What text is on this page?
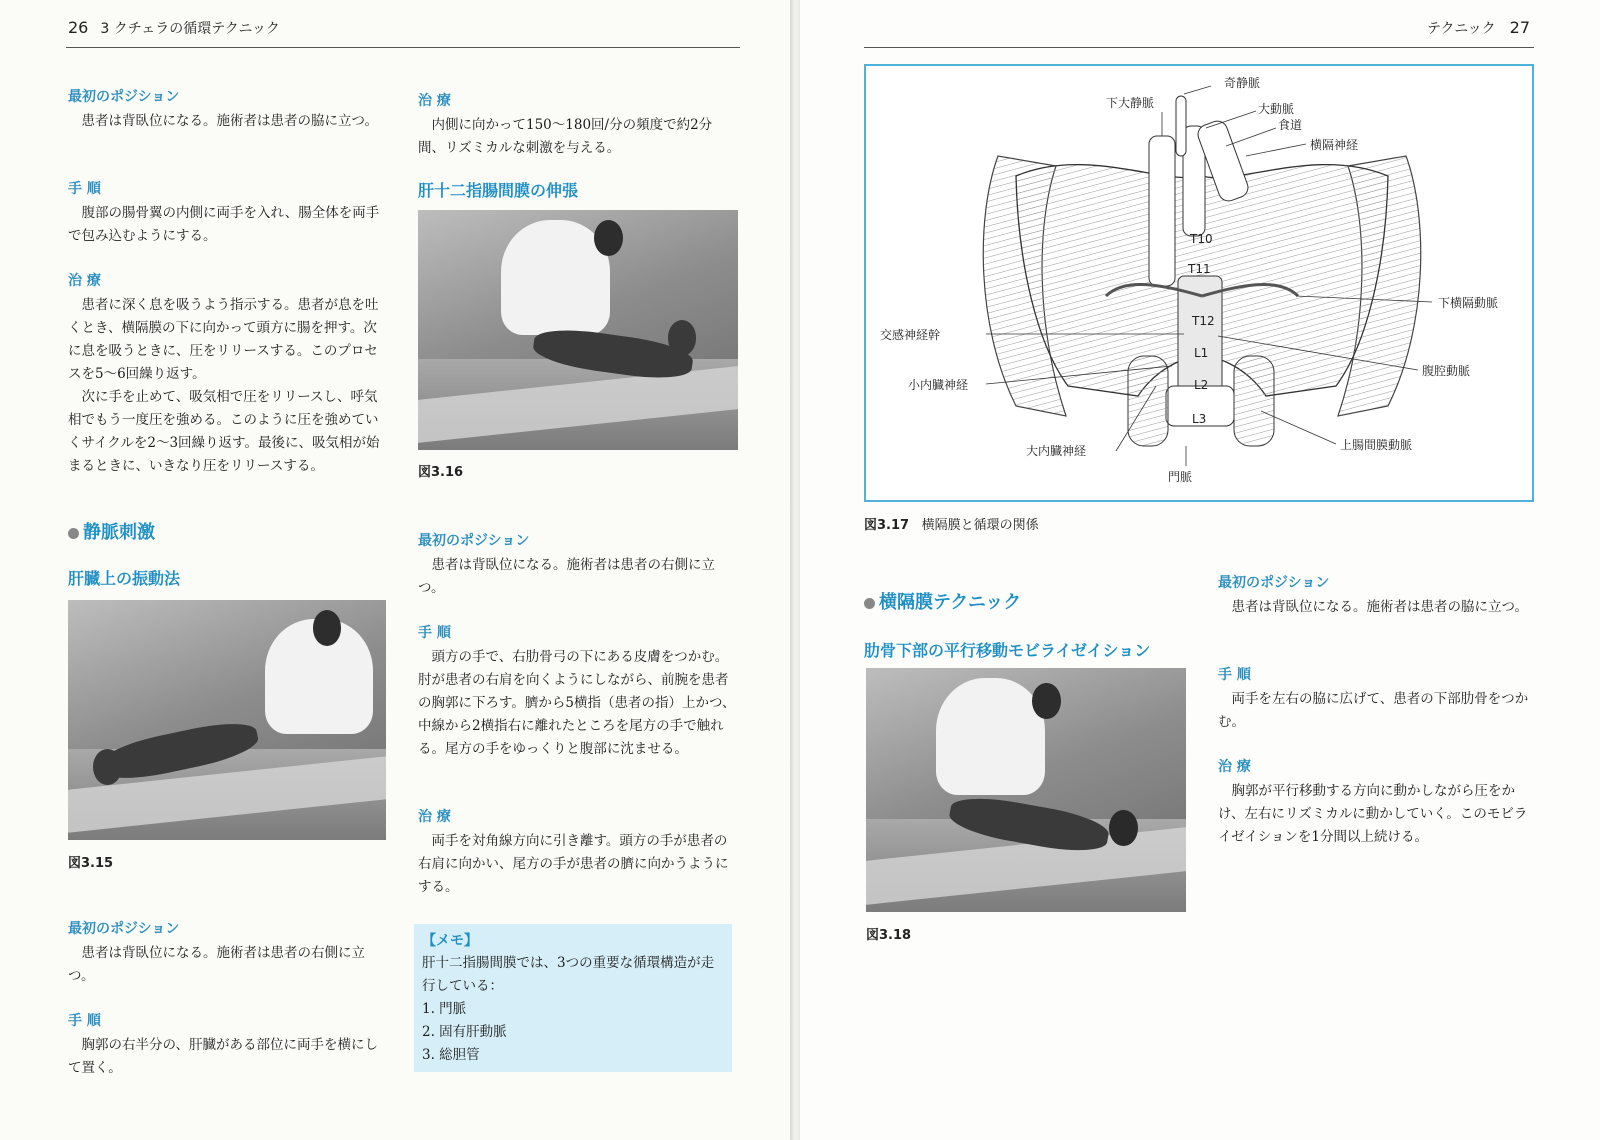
26 3 クチェラの循環テクニック
最初のポジション

患者は背臥位になる。施術者は患者の脇に立つ。

手 順

腹部の腸骨翼の内側に両手を入れ、腸全体を両手で包み込むようにする。

治 療

患者に深く息を吸うよう指示する。患者が息を吐くとき、横隔膜の下に向かって頭方に腸を押す。次に息を吸うときに、圧をリリースする。このプロセスを5～6回繰り返す。

次に手を止めて、吸気相で圧をリリースし、呼気相でもう一度圧を強める。このように圧を強めていくサイクルを2～3回繰り返す。最後に、吸気相が始まるときに、いきなり圧をリリースする。

静脈刺激
肝臓上の振動法
図3.15
最初のポジション

患者は背臥位になる。施術者は患者の右側に立つ。

手 順

胸郭の右半分の、肝臓がある部位に両手を横にして置く。

治 療

内側に向かって150～180回/分の頻度で約2分間、リズミカルな刺激を与える。

肝十二指腸間膜の伸張
図3.16
最初のポジション

患者は背臥位になる。施術者は患者の右側に立つ。

手 順

頭方の手で、右肋骨弓の下にある皮膚をつかむ。肘が患者の右肩を向くようにしながら、前腕を患者の胸郭に下ろす。臍から5横指（患者の指）上かつ、中線から2横指右に離れたところを尾方の手で触れる。尾方の手をゆっくりと腹部に沈ませる。

治 療

両手を対角線方向に引き離す。頭方の手が患者の右肩に向かい、尾方の手が患者の臍に向かうようにする。

【メモ】

肝十二指腸間膜では、3つの重要な循環構造が走行している：

1. 門脈

2. 固有肝動脈

3. 総胆管

テクニック 27
奇静脈
下大静脈	大動脈
食道
横隔神経
T10
T11
T12
L1
L2
L3
下横隔動脈
交感神経幹
小内臓神経
腹腔動脈
大内臓神経	上腸間膜動脈
門脈
図3.17 横隔膜と循環の関係
横隔膜テクニック
肋骨下部の平行移動モビライゼイション
図3.18
最初のポジション

患者は背臥位になる。施術者は患者の脇に立つ。

手 順

両手を左右の脇に広げて、患者の下部肋骨をつかむ。

治 療

胸郭が平行移動する方向に動かしながら圧をかけ、左右にリズミカルに動かしていく。このモビライゼイションを1分間以上続ける。
